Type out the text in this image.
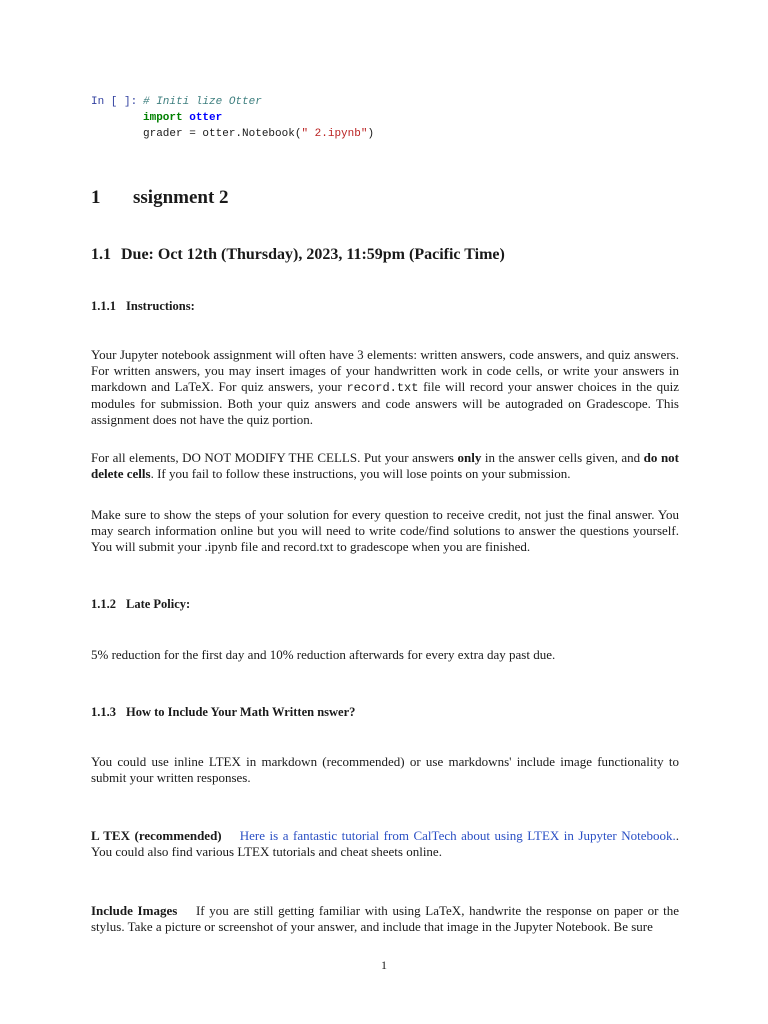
In [ ]: # Initi lize Otter
import otter
grader = otter.Notebook(" 2.ipynb")
1 ssignment 2
1.1 Due: Oct 12th (Thursday), 2023, 11:59pm (Pacific Time)
1.1.1 Instructions:

Your Jupyter notebook assignment will often have 3 elements: written answers, code answers, and quiz answers. For written answers, you may insert images of your handwritten work in code cells, or write your answers in markdown and LaTeX. For quiz answers, your record.txt file will record your answer choices in the quiz modules for submission. Both your quiz answers and code answers will be autograded on Gradescope. This assignment does not have the quiz portion.

For all elements, DO NOT MODIFY THE CELLS. Put your answers only in the answer cells given, and do not delete cells. If you fail to follow these instructions, you will lose points on your submission.

Make sure to show the steps of your solution for every question to receive credit, not just the final answer. You may search information online but you will need to write code/find solutions to answer the questions yourself. You will submit your .ipynb file and record.txt to gradescope when you are finished.

1.1.2 Late Policy:

5% reduction for the first day and 10% reduction afterwards for every extra day past due.

1.1.3 How to Include Your Math Written nswer?

You could use inline LTEX in markdown (recommended) or use markdowns' include image functionality to submit your written responses.

L TEX (recommended) Here is a fantastic tutorial from CalTech about using LTEX in Jupyter Notebook.. You could also find various LTEX tutorials and cheat sheets online.

Include Images If you are still getting familiar with using LaTeX, handwrite the response on paper or the stylus. Take a picture or screenshot of your answer, and include that image in the Jupyter Notebook. Be sure

1
